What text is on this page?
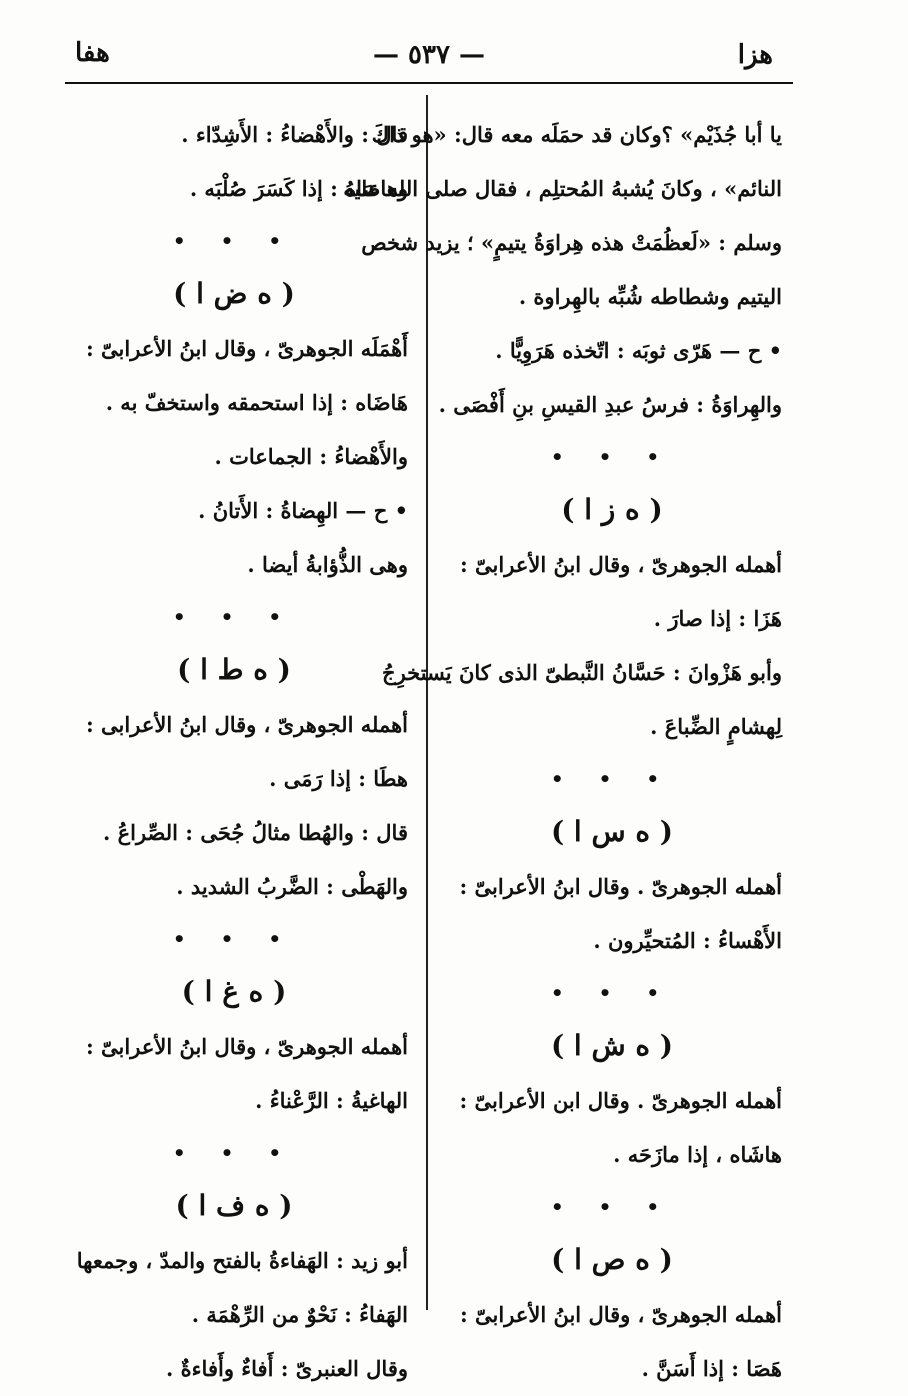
هزا
— ٥٣٧ —
هفا
يا أبا جُذَيْم» ؟وكان قد حمَلَه معه قال: «هو ذاكَ
النائم» ، وكانَ يُشبهُ المُحتلِم ، فقال صلى الله عليه
وسلم : «لَعظُمَتْ هذه هِراوَةُ يتيمٍ» ؛ يزيد شخص
اليتيم وشطاطه شُبِّه بالهِراوة .
• ح — هَرّى ثوبَه : اتّخذه هَرَوِيًّا .
والهِراوَةُ : فرسُ عبدِ القيسِ بنِ أَفْصَى .
• • •
( ه ز ا )
أهمله الجوهرىّ ، وقال ابنُ الأعرابىّ :
هَزَا : إذا صارَ .
وأبو هَزْوانَ : حَسَّانُ النَّبطىّ الذى كانَ يَستخرِجُ
لِهشامٍ الضِّباعَ .
• • •
( ه س ا )
أهمله الجوهرىّ . وقال ابنُ الأعرابىّ :
الأَهْساءُ : المُتحيِّرون .
• • •
( ه ش ا )
أهمله الجوهرىّ . وقال ابن الأعرابىّ :
هاشَاه ، إذا مازَحَه .
• • •
( ه ص ا )
أهمله الجوهرىّ ، وقال ابنُ الأعرابىّ :
هَصَا : إذا أَسَنَّ .
قال : والأَهْضاءُ : الأَشِدّاء .
وهاصَاهُ : إذا كَسَرَ صُلْبَه .
• • •
( ه ض ا )
أَهْمَلَه الجوهرىّ ، وقال ابنُ الأعرابىّ :
هَاضَاه : إذا استحمقه واستخفّ به .
والأَهْضاءُ : الجماعات .
• ح — الهِضاةُ : الأَتانُ .
وهى الذُّؤابةُ أيضا .
• • •
( ه ط ا )
أهمله الجوهرىّ ، وقال ابنُ الأعرابى :
هطَا : إذا رَمَى .
قال : والهُطا مثالُ جُحَى : الصِّراعُ .
والهَطْى : الضَّربُ الشديد .
• • •
( ه غ ا )
أهمله الجوهرىّ ، وقال ابنُ الأعرابىّ :
الهاغيةُ : الرَّعْناءُ .
• • •
( ه ف ا )
أبو زيد : الهَفاءةُ بالفتح والمدّ ، وجمعها
الهَفاءُ : نَحْوٌ من الرِّهْمَة .
وقال العنبرىّ : أَفاءٌ وأَفاءةٌ .
